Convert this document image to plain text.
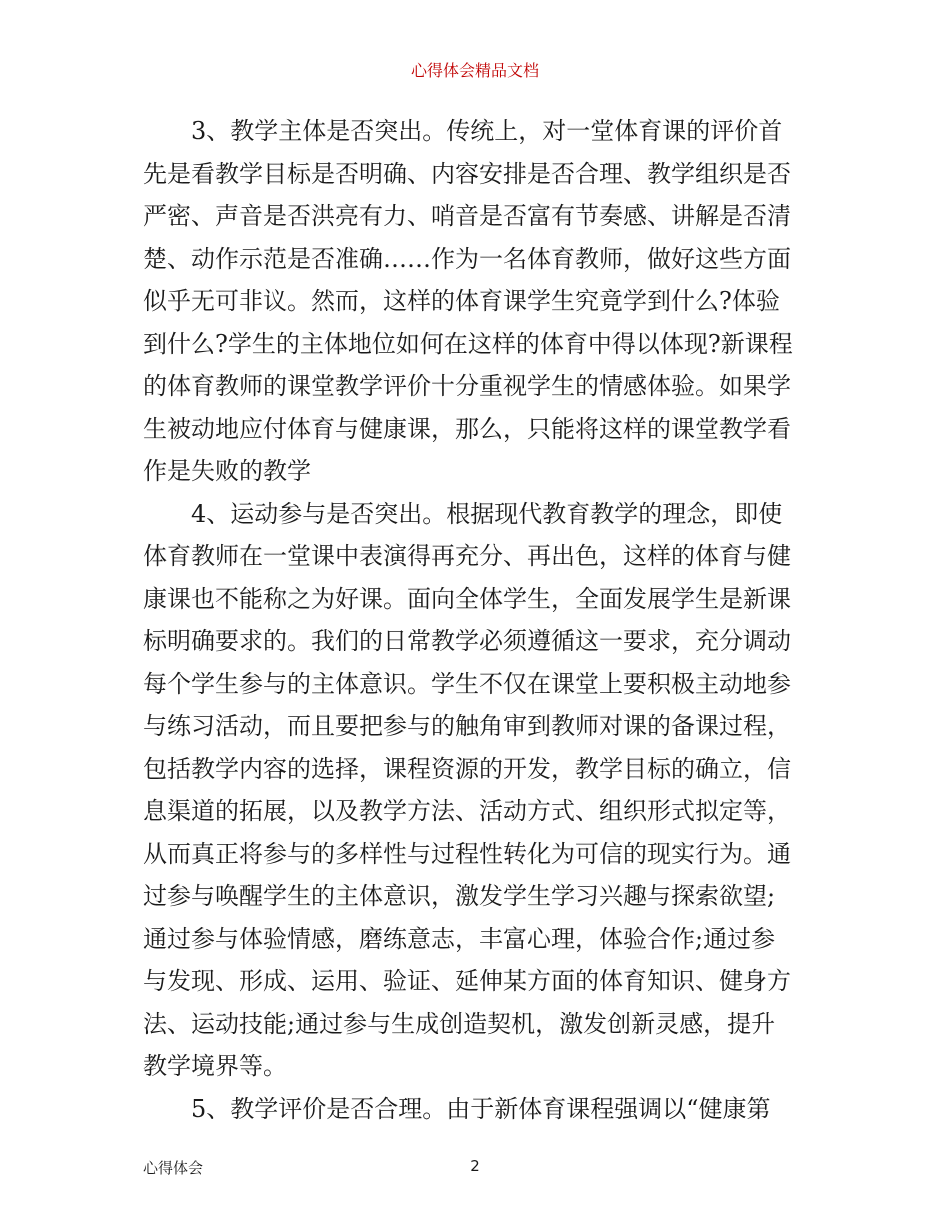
心得体会精品文档
3、教学主体是否突出。传统上，对一堂体育课的评价首
先是看教学目标是否明确、内容安排是否合理、教学组织是否
严密、声音是否洪亮有力、哨音是否富有节奏感、讲解是否清
楚、动作示范是否准确……作为一名体育教师，做好这些方面
似乎无可非议。然而，这样的体育课学生究竟学到什么?体验
到什么?学生的主体地位如何在这样的体育中得以体现?新课程
的体育教师的课堂教学评价十分重视学生的情感体验。如果学
生被动地应付体育与健康课，那么，只能将这样的课堂教学看
作是失败的教学
4、运动参与是否突出。根据现代教育教学的理念，即使
体育教师在一堂课中表演得再充分、再出色，这样的体育与健
康课也不能称之为好课。面向全体学生，全面发展学生是新课
标明确要求的。我们的日常教学必须遵循这一要求，充分调动
每个学生参与的主体意识。学生不仅在课堂上要积极主动地参
与练习活动，而且要把参与的触角审到教师对课的备课过程，
包括教学内容的选择，课程资源的开发，教学目标的确立，信
息渠道的拓展，以及教学方法、活动方式、组织形式拟定等，
从而真正将参与的多样性与过程性转化为可信的现实行为。通
过参与唤醒学生的主体意识，激发学生学习兴趣与探索欲望;
通过参与体验情感，磨练意志，丰富心理，体验合作;通过参
与发现、形成、运用、验证、延伸某方面的体育知识、健身方
法、运动技能;通过参与生成创造契机，激发创新灵感，提升
教学境界等。
5、教学评价是否合理。由于新体育课程强调以“健康第
心得体会	2
